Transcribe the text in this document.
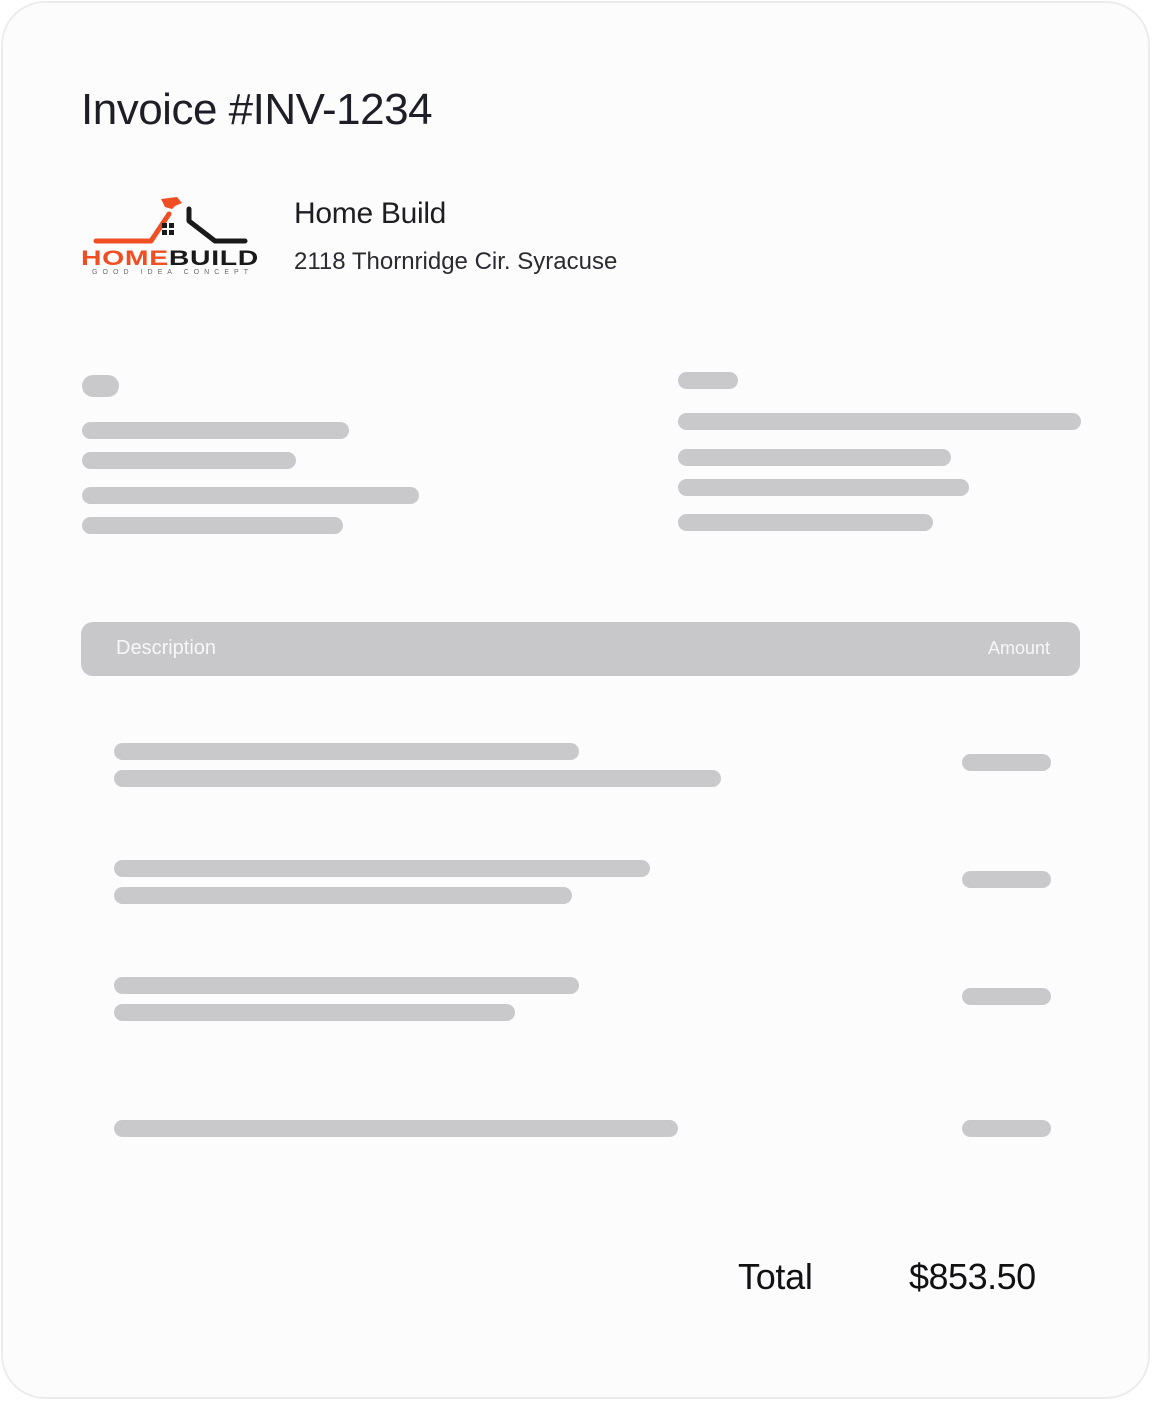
Invoice #INV-1234
HOME BUILD
GOOD IDEA CONCEPT
Home Build
2118 Thornridge Cir. Syracuse
Description	Amount
Total	$853.50
